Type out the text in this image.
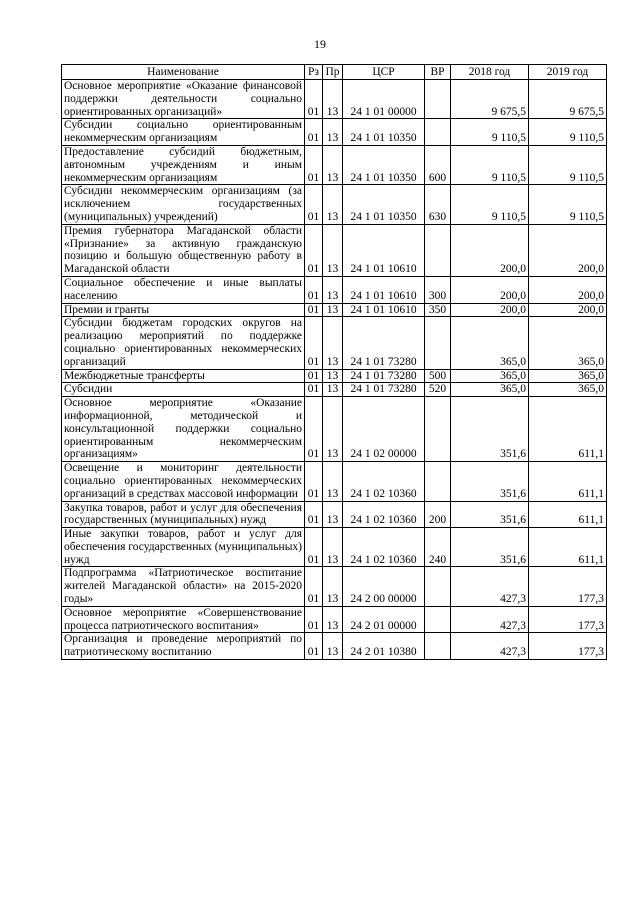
19
Наименование	Рз	Пр	ЦСР	ВР	2018 год	2019 год
Основное мероприятие «Оказание финансовой поддержки деятельности социально ориентированных организаций»	01	13	24 1 01 00000		9 675,5	9 675,5
Субсидии социально ориентированным некоммерческим организациям	01	13	24 1 01 10350		9 110,5	9 110,5
Предоставление субсидий бюджетным, автономным учреждениям и иным некоммерческим организациям	01	13	24 1 01 10350	600	9 110,5	9 110,5
Субсидии некоммерческим организациям (за исключением государственных (муниципальных) учреждений)	01	13	24 1 01 10350	630	9 110,5	9 110,5
Премия губернатора Магаданской области «Признание» за активную гражданскую позицию и большую общественную работу в Магаданской области	01	13	24 1 01 10610		200,0	200,0
Социальное обеспечение и иные выплаты населению	01	13	24 1 01 10610	300	200,0	200,0
Премии и гранты	01	13	24 1 01 10610	350	200,0	200,0
Субсидии бюджетам городских округов на реализацию мероприятий по поддержке социально ориентированных некоммерческих организаций	01	13	24 1 01 73280		365,0	365,0
Межбюджетные трансферты	01	13	24 1 01 73280	500	365,0	365,0
Субсидии	01	13	24 1 01 73280	520	365,0	365,0
Основное мероприятие «Оказание информационной, методической и консультационной поддержки социально ориентированным некоммерческим организациям»	01	13	24 1 02 00000		351,6	611,1
Освещение и мониторинг деятельности социально ориентированных некоммерческих организаций в средствах массовой информации	01	13	24 1 02 10360		351,6	611,1
Закупка товаров, работ и услуг для обеспечения государственных (муниципальных) нужд	01	13	24 1 02 10360	200	351,6	611,1
Иные закупки товаров, работ и услуг для обеспечения государственных (муниципальных) нужд	01	13	24 1 02 10360	240	351,6	611,1
Подпрограмма «Патриотическое воспитание жителей Магаданской области» на 2015-2020 годы»	01	13	24 2 00 00000		427,3	177,3
Основное мероприятие «Совершенствование процесса патриотического воспитания»	01	13	24 2 01 00000		427,3	177,3
Организация и проведение мероприятий по патриотическому воспитанию	01	13	24 2 01 10380		427,3	177,3
